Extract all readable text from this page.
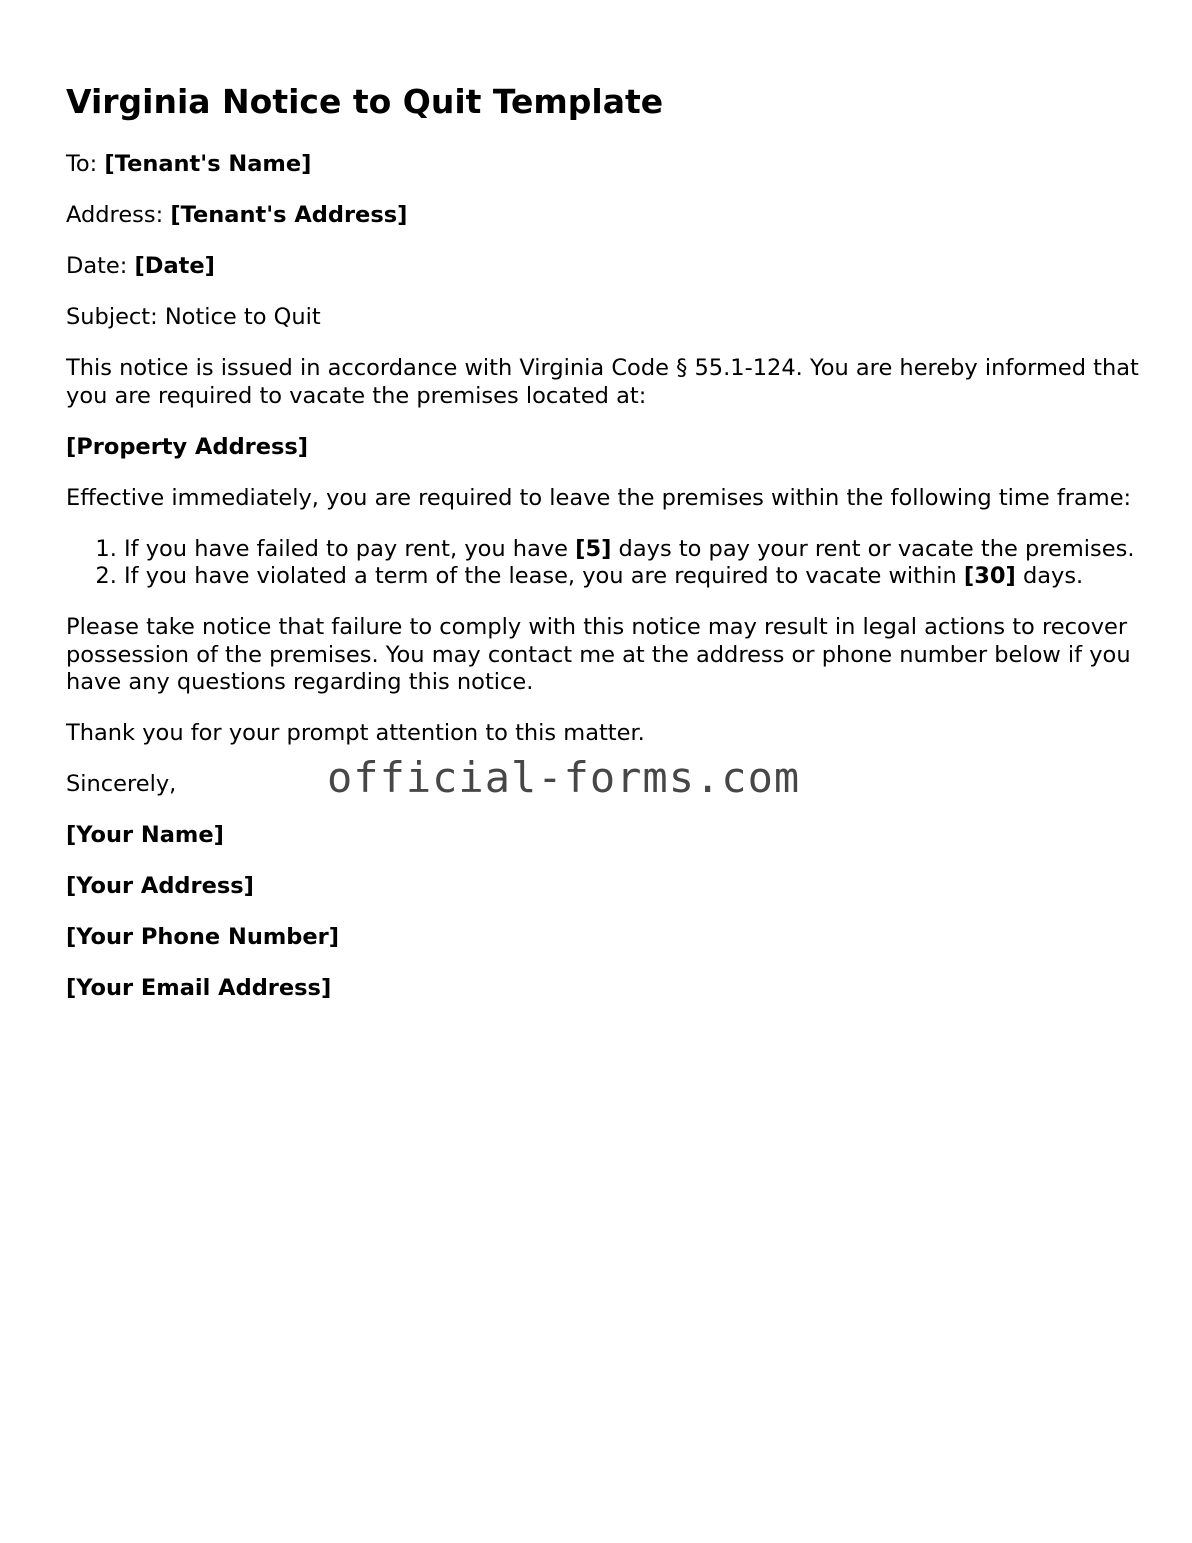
Virginia Notice to Quit Template

To: [Tenant's Name]

Address: [Tenant's Address]

Date: [Date]

Subject: Notice to Quit

This notice is issued in accordance with Virginia Code § 55.1-124. You are hereby informed that you are required to vacate the premises located at:

[Property Address]

Effective immediately, you are required to leave the premises within the following time frame:

1. If you have failed to pay rent, you have [5] days to pay your rent or vacate the premises.
2. If you have violated a term of the lease, you are required to vacate within [30] days.

Please take notice that failure to comply with this notice may result in legal actions to recover possession of the premises. You may contact me at the address or phone number below if you have any questions regarding this notice.

Thank you for your prompt attention to this matter.

Sincerely,

[Your Name]

[Your Address]

[Your Phone Number]

[Your Email Address]

official-forms.com
